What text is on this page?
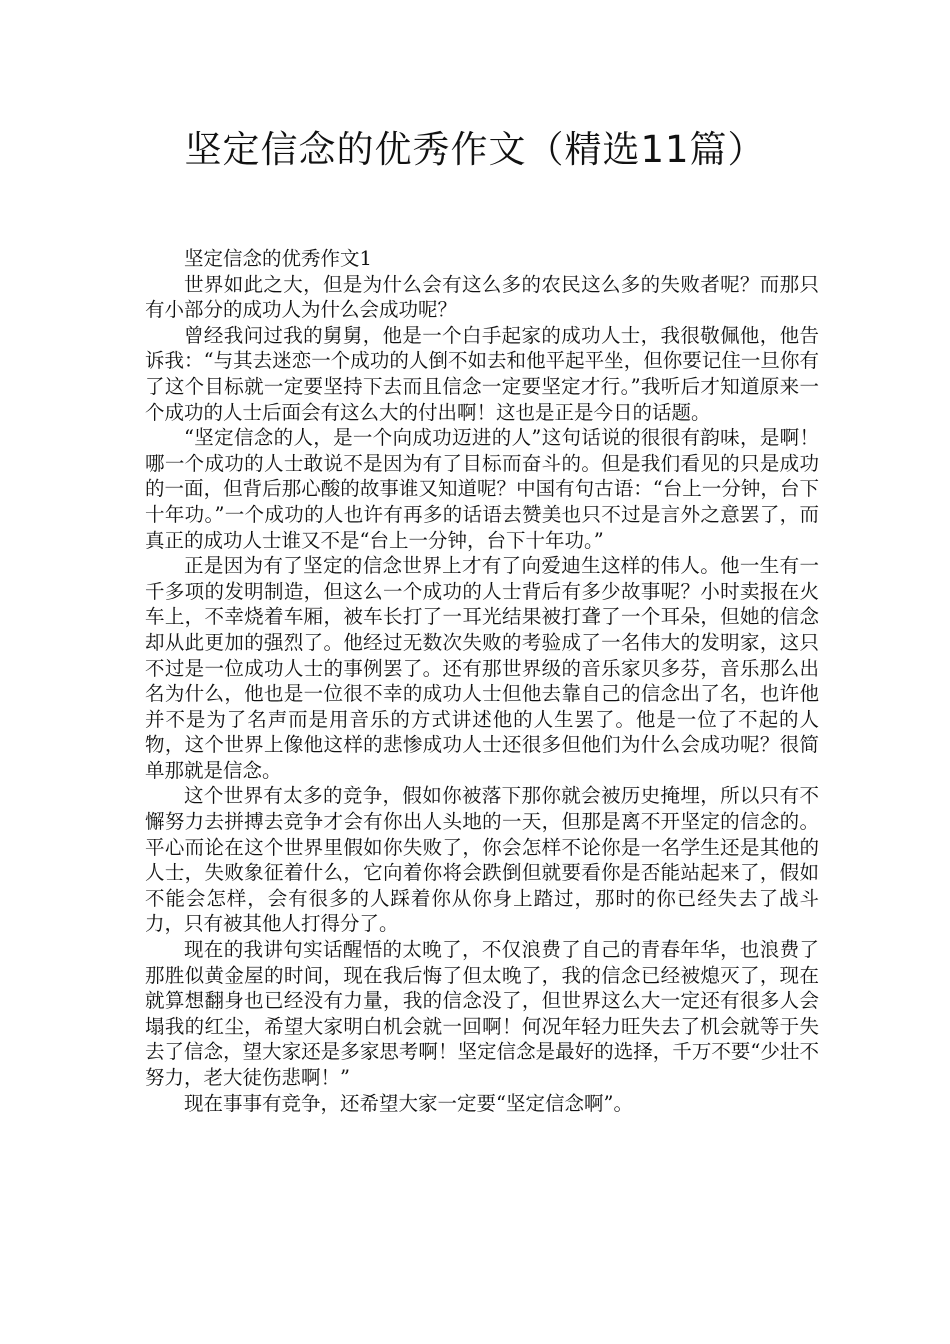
坚定信念的优秀作文（精选11篇）

坚定信念的优秀作文1

世界如此之大，但是为什么会有这么多的农民这么多的失败者呢？而那只有小部分的成功人为什么会成功呢？

曾经我问过我的舅舅，他是一个白手起家的成功人士，我很敬佩他，他告诉我：“与其去迷恋一个成功的人倒不如去和他平起平坐，但你要记住一旦你有了这个目标就一定要坚持下去而且信念一定要坚定才行。”我听后才知道原来一个成功的人士后面会有这么大的付出啊！这也是正是今日的话题。

“坚定信念的人，是一个向成功迈进的人”这句话说的很很有韵味，是啊！哪一个成功的人士敢说不是因为有了目标而奋斗的。但是我们看见的只是成功的一面，但背后那心酸的故事谁又知道呢？中国有句古语：“台上一分钟，台下十年功。”一个成功的人也许有再多的话语去赞美也只不过是言外之意罢了，而真正的成功人士谁又不是“台上一分钟，台下十年功。”

正是因为有了坚定的信念世界上才有了向爱迪生这样的伟人。他一生有一千多项的发明制造，但这么一个成功的人士背后有多少故事呢？小时卖报在火车上，不幸烧着车厢，被车长打了一耳光结果被打聋了一个耳朵，但她的信念却从此更加的强烈了。他经过无数次失败的考验成了一名伟大的发明家，这只不过是一位成功人士的事例罢了。还有那世界级的音乐家贝多芬，音乐那么出名为什么，他也是一位很不幸的成功人士但他去靠自己的信念出了名，也许他并不是为了名声而是用音乐的方式讲述他的人生罢了。他是一位了不起的人物，这个世界上像他这样的悲惨成功人士还很多但他们为什么会成功呢？很简单那就是信念。

这个世界有太多的竞争，假如你被落下那你就会被历史掩埋，所以只有不懈努力去拼搏去竞争才会有你出人头地的一天，但那是离不开坚定的信念的。平心而论在这个世界里假如你失败了，你会怎样不论你是一名学生还是其他的人士，失败象征着什么，它向着你将会跌倒但就要看你是否能站起来了，假如不能会怎样，会有很多的人踩着你从你身上踏过，那时的你已经失去了战斗力，只有被其他人打得分了。

现在的我讲句实话醒悟的太晚了，不仅浪费了自己的青春年华，也浪费了那胜似黄金屋的时间，现在我后悔了但太晚了，我的信念已经被熄灭了，现在就算想翻身也已经没有力量，我的信念没了，但世界这么大一定还有很多人会塌我的红尘，希望大家明白机会就一回啊！何况年轻力旺失去了机会就等于失去了信念，望大家还是多家思考啊！坚定信念是最好的选择，千万不要“少壮不努力，老大徒伤悲啊！”

现在事事有竞争，还希望大家一定要“坚定信念啊”。
